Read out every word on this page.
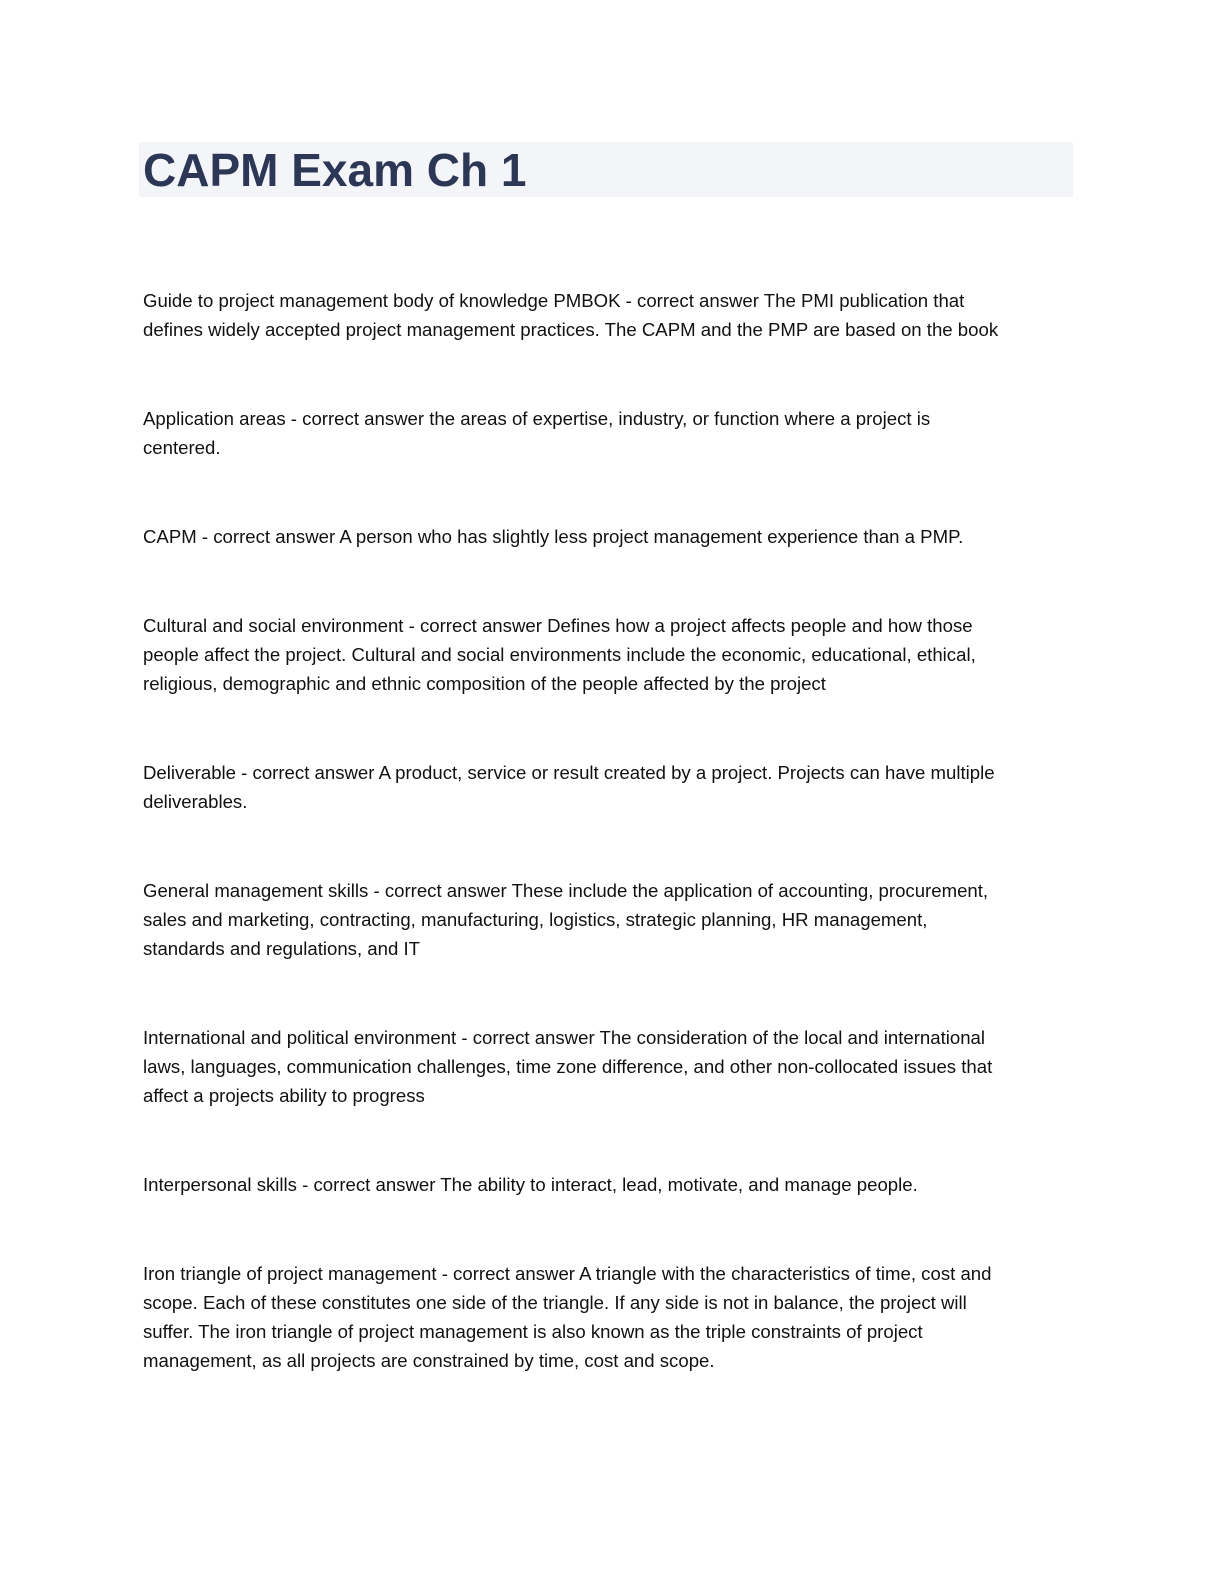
CAPM Exam Ch 1

Guide to project management body of knowledge PMBOK - correct answer The PMI publication that
defines widely accepted project management practices. The CAPM and the PMP are based on the book

Application areas - correct answer the areas of expertise, industry, or function where a project is
centered.

CAPM - correct answer A person who has slightly less project management experience than a PMP.

Cultural and social environment - correct answer Defines how a project affects people and how those
people affect the project. Cultural and social environments include the economic, educational, ethical,
religious, demographic and ethnic composition of the people affected by the project

Deliverable - correct answer A product, service or result created by a project. Projects can have multiple
deliverables.

General management skills - correct answer These include the application of accounting, procurement,
sales and marketing, contracting, manufacturing, logistics, strategic planning, HR management,
standards and regulations, and IT

International and political environment - correct answer The consideration of the local and international
laws, languages, communication challenges, time zone difference, and other non-collocated issues that
affect a projects ability to progress

Interpersonal skills - correct answer The ability to interact, lead, motivate, and manage people.

Iron triangle of project management - correct answer A triangle with the characteristics of time, cost and
scope. Each of these constitutes one side of the triangle. If any side is not in balance, the project will
suffer. The iron triangle of project management is also known as the triple constraints of project
management, as all projects are constrained by time, cost and scope.
